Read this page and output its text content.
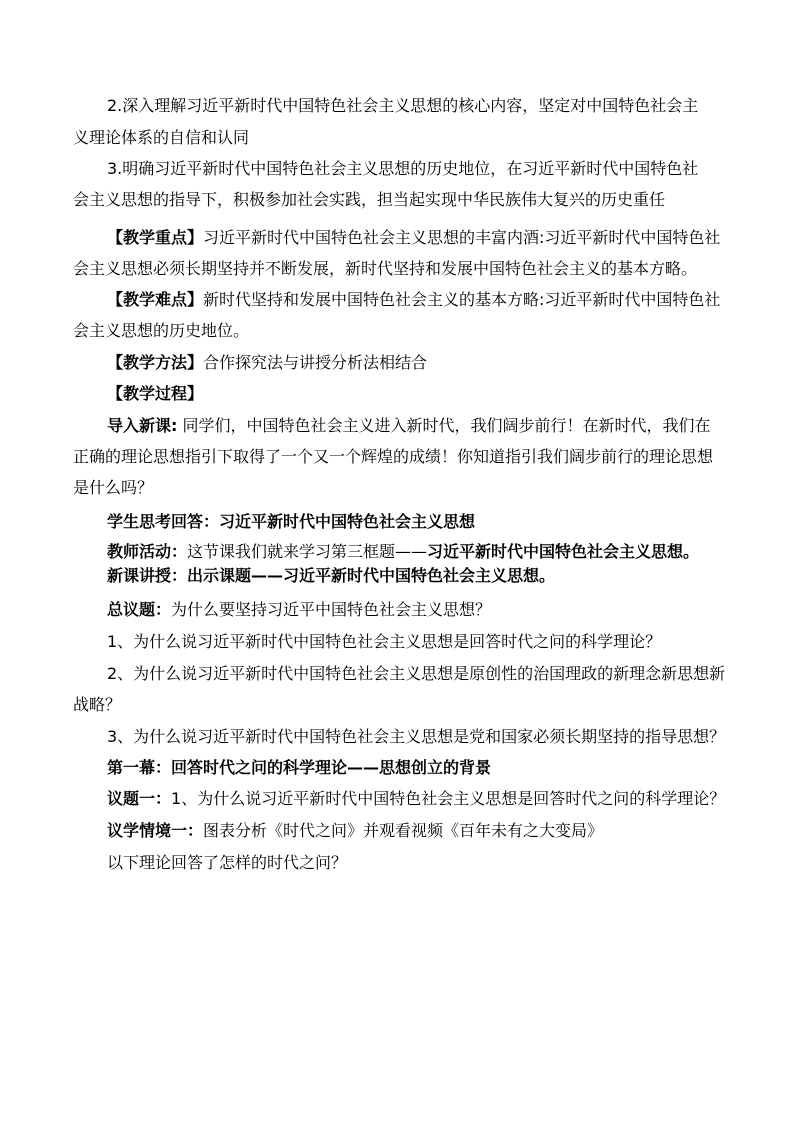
2.深入理解习近平新时代中国特色社会主义思想的核心内容，坚定对中国特色社会主
义理论体系的自信和认同
3.明确习近平新时代中国特色社会主义思想的历史地位，在习近平新时代中国特色社
会主义思想的指导下，积极参加社会实践，担当起实现中华民族伟大复兴的历史重任
【教学重点】习近平新时代中国特色社会主义思想的丰富内酒:习近平新时代中国特色社
会主义思想必须长期坚持并不断发展，新时代坚持和发展中国特色社会主义的基本方略。
【教学难点】新时代坚持和发展中国特色社会主义的基本方略:习近平新时代中国特色社
会主义思想的历史地位。
【教学方法】合作探究法与讲授分析法相结合
【教学过程】
导入新课: 同学们，中国特色社会主义进入新时代，我们阔步前行！在新时代，我们在
正确的理论思想指引下取得了一个又一个辉煌的成绩！你知道指引我们阔步前行的理论思想
是什么吗？
学生思考回答：习近平新时代中国特色社会主义思想
教师活动：这节课我们就来学习第三框题——习近平新时代中国特色社会主义思想。
新课讲授：出示课题——习近平新时代中国特色社会主义思想。
总议题：为什么要坚持习近平中国特色社会主义思想？
1、为什么说习近平新时代中国特色社会主义思想是回答时代之问的科学理论？
2、为什么说习近平新时代中国特色社会主义思想是原创性的治国理政的新理念新思想新
战略？
3、为什么说习近平新时代中国特色社会主义思想是党和国家必须长期坚持的指导思想？
第一幕：回答时代之问的科学理论——思想创立的背景
议题一：1、为什么说习近平新时代中国特色社会主义思想是回答时代之问的科学理论？
议学情境一：图表分析《时代之问》并观看视频《百年未有之大变局》
以下理论回答了怎样的时代之问？
